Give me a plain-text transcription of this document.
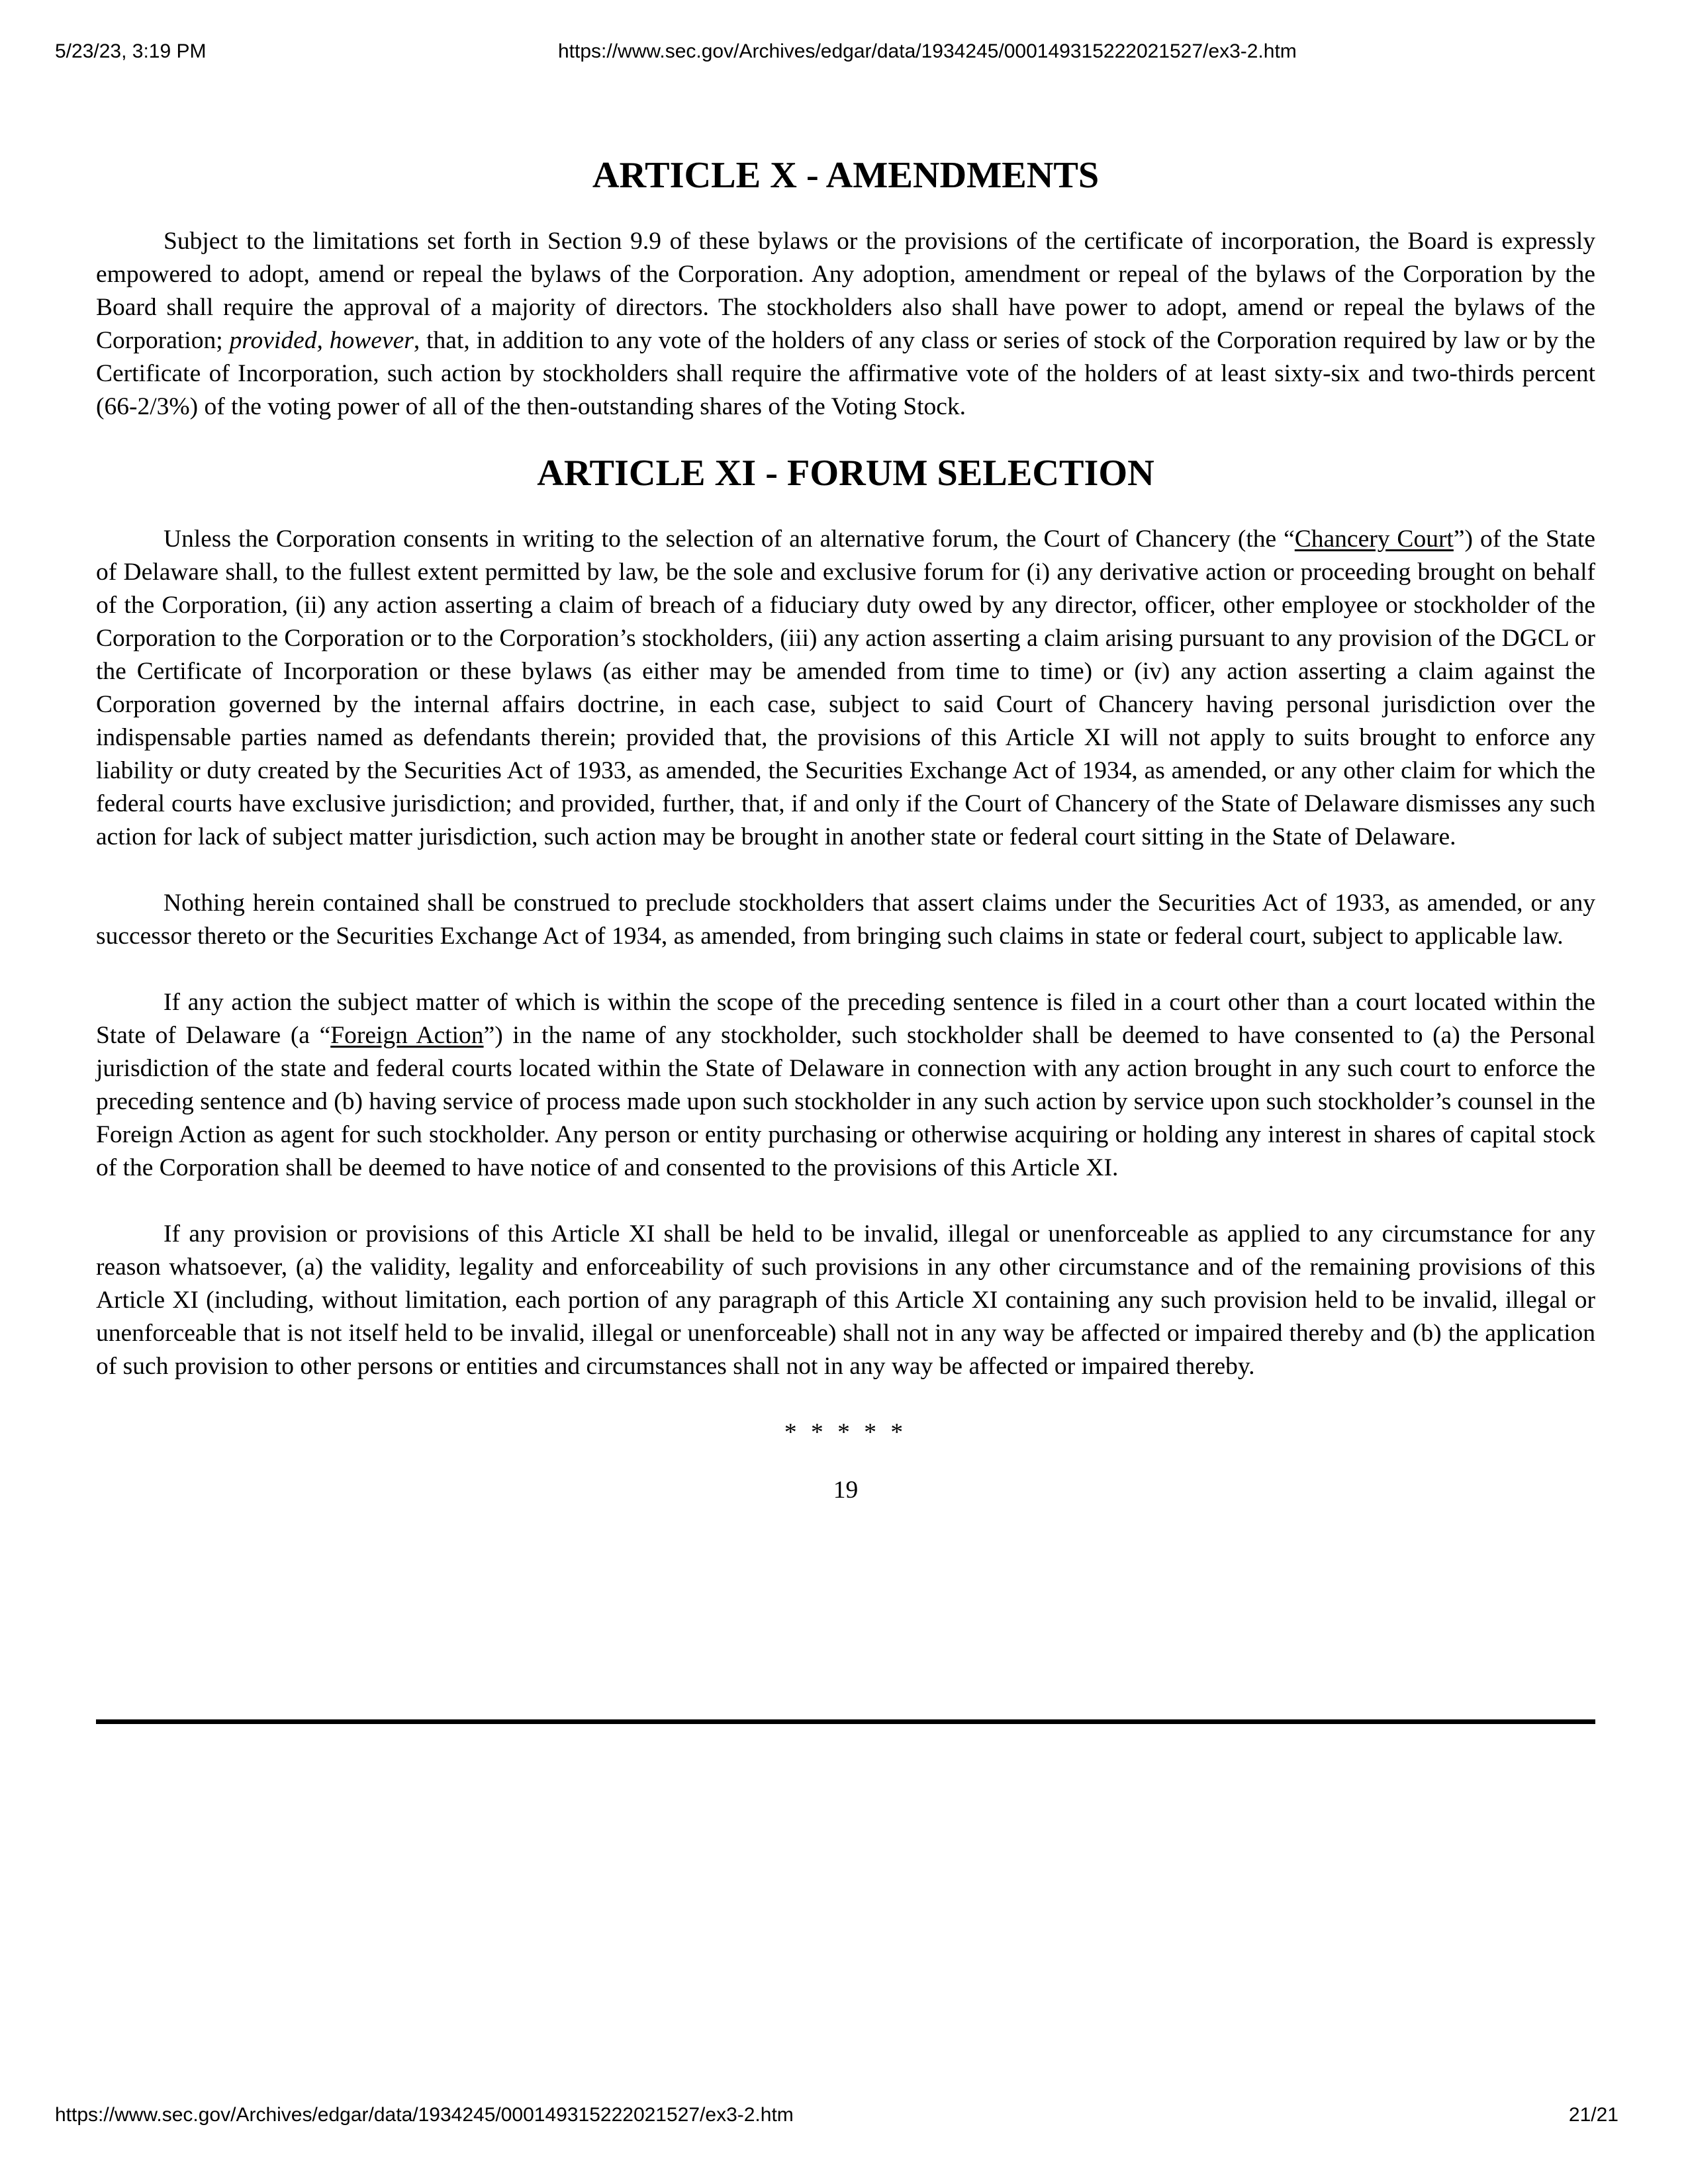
5/23/23, 3:19 PM	https://www.sec.gov/Archives/edgar/data/1934245/000149315222021527/ex3-2.htm
ARTICLE X - AMENDMENTS

Subject to the limitations set forth in Section 9.9 of these bylaws or the provisions of the certificate of incorporation, the Board is expressly empowered to adopt, amend or repeal the bylaws of the Corporation. Any adoption, amendment or repeal of the bylaws of the Corporation by the Board shall require the approval of a majority of directors. The stockholders also shall have power to adopt, amend or repeal the bylaws of the Corporation; provided, however, that, in addition to any vote of the holders of any class or series of stock of the Corporation required by law or by the Certificate of Incorporation, such action by stockholders shall require the affirmative vote of the holders of at least sixty-six and two-thirds percent (66-2/3%) of the voting power of all of the then-outstanding shares of the Voting Stock.

ARTICLE XI - FORUM SELECTION

Unless the Corporation consents in writing to the selection of an alternative forum, the Court of Chancery (the “Chancery Court”) of the State of Delaware shall, to the fullest extent permitted by law, be the sole and exclusive forum for (i) any derivative action or proceeding brought on behalf of the Corporation, (ii) any action asserting a claim of breach of a fiduciary duty owed by any director, officer, other employee or stockholder of the Corporation to the Corporation or to the Corporation’s stockholders, (iii) any action asserting a claim arising pursuant to any provision of the DGCL or the Certificate of Incorporation or these bylaws (as either may be amended from time to time) or (iv) any action asserting a claim against the Corporation governed by the internal affairs doctrine, in each case, subject to said Court of Chancery having personal jurisdiction over the indispensable parties named as defendants therein; provided that, the provisions of this Article XI will not apply to suits brought to enforce any liability or duty created by the Securities Act of 1933, as amended, the Securities Exchange Act of 1934, as amended, or any other claim for which the federal courts have exclusive jurisdiction; and provided, further, that, if and only if the Court of Chancery of the State of Delaware dismisses any such action for lack of subject matter jurisdiction, such action may be brought in another state or federal court sitting in the State of Delaware.

Nothing herein contained shall be construed to preclude stockholders that assert claims under the Securities Act of 1933, as amended, or any successor thereto or the Securities Exchange Act of 1934, as amended, from bringing such claims in state or federal court, subject to applicable law.

If any action the subject matter of which is within the scope of the preceding sentence is filed in a court other than a court located within the State of Delaware (a “Foreign Action”) in the name of any stockholder, such stockholder shall be deemed to have consented to (a) the Personal jurisdiction of the state and federal courts located within the State of Delaware in connection with any action brought in any such court to enforce the preceding sentence and (b) having service of process made upon such stockholder in any such action by service upon such stockholder’s counsel in the Foreign Action as agent for such stockholder. Any person or entity purchasing or otherwise acquiring or holding any interest in shares of capital stock of the Corporation shall be deemed to have notice of and consented to the provisions of this Article XI.

If any provision or provisions of this Article XI shall be held to be invalid, illegal or unenforceable as applied to any circumstance for any reason whatsoever, (a) the validity, legality and enforceability of such provisions in any other circumstance and of the remaining provisions of this Article XI (including, without limitation, each portion of any paragraph of this Article XI containing any such provision held to be invalid, illegal or unenforceable that is not itself held to be invalid, illegal or unenforceable) shall not in any way be affected or impaired thereby and (b) the application of such provision to other persons or entities and circumstances shall not in any way be affected or impaired thereby.

* * * * *

19

https://www.sec.gov/Archives/edgar/data/1934245/000149315222021527/ex3-2.htm	21/21
